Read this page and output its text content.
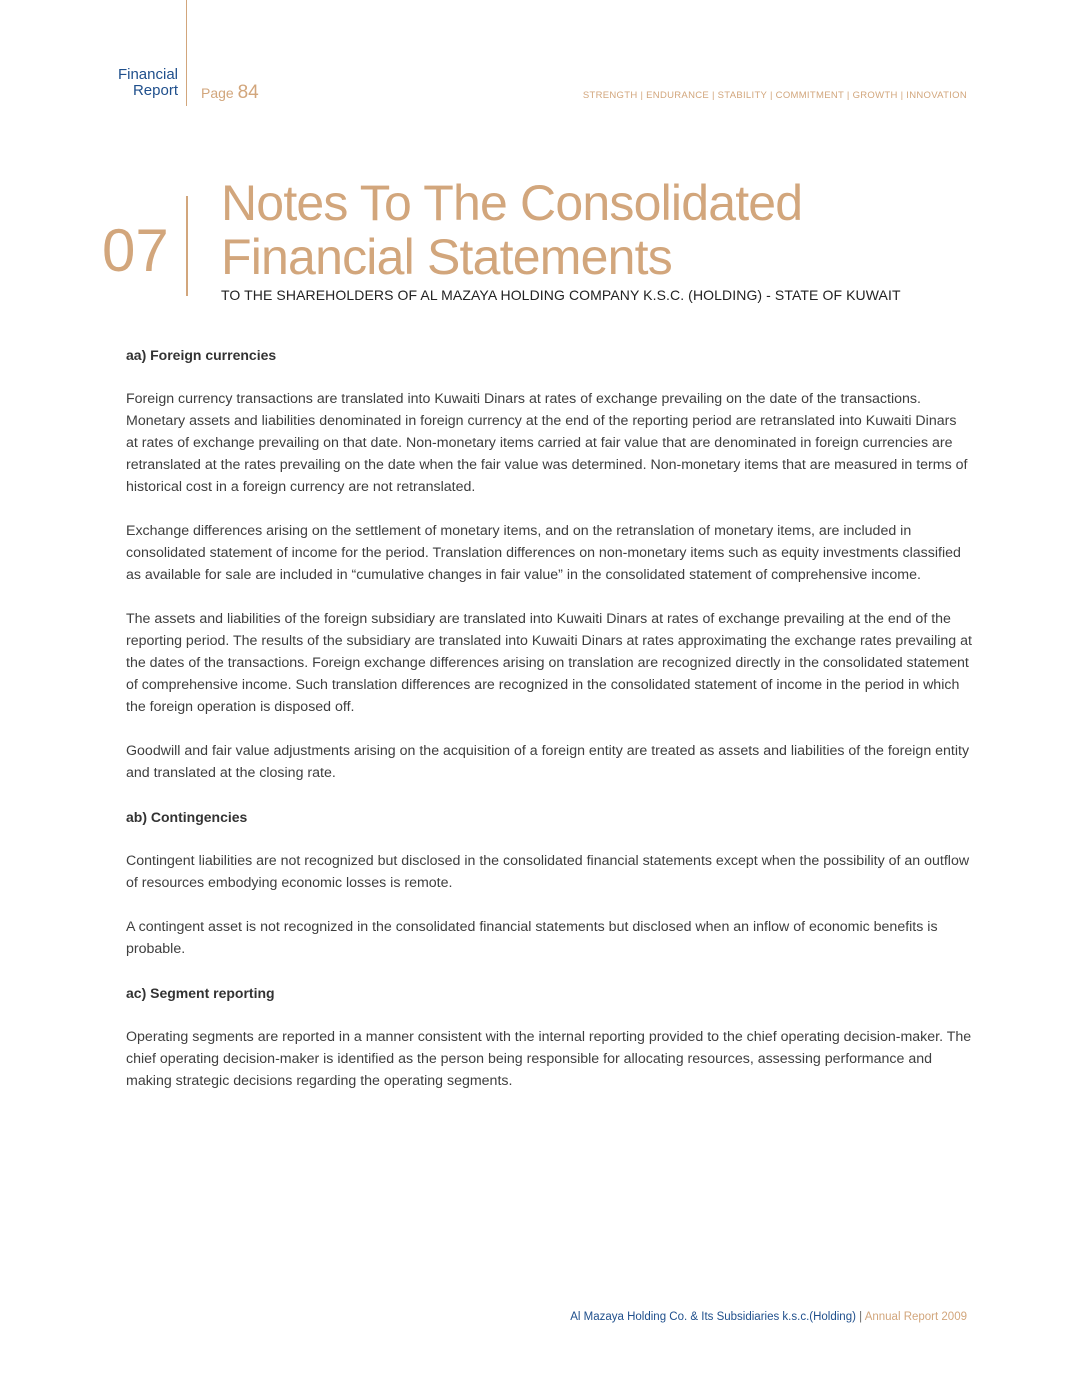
Financial
Report Page 84	STRENGTH | ENDURANCE | STABILITY | COMMITMENT | GROWTH | INNOVATION
07
Notes To The Consolidated
Financial Statements
TO THE SHAREHOLDERS OF AL MAZAYA HOLDING COMPANY K.S.C. (HOLDING) - STATE OF KUWAIT
aa) Foreign currencies

Foreign currency transactions are translated into Kuwaiti Dinars at rates of exchange prevailing on the date of the transactions. Monetary assets and liabilities denominated in foreign currency at the end of the reporting period are retranslated into Kuwaiti Dinars at rates of exchange prevailing on that date. Non-monetary items carried at fair value that are denominated in foreign currencies are retranslated at the rates prevailing on the date when the fair value was determined. Non-monetary items that are measured in terms of historical cost in a foreign currency are not retranslated.

Exchange differences arising on the settlement of monetary items, and on the retranslation of monetary items, are included in consolidated statement of income for the period. Translation differences on non-monetary items such as equity investments classified as available for sale are included in “cumulative changes in fair value” in the consolidated statement of comprehensive income.

The assets and liabilities of the foreign subsidiary are translated into Kuwaiti Dinars at rates of exchange prevailing at the end of the reporting period. The results of the subsidiary are translated into Kuwaiti Dinars at rates approximating the exchange rates prevailing at the dates of the transactions. Foreign exchange differences arising on translation are recognized directly in the consolidated statement of comprehensive income. Such translation differences are recognized in the consolidated statement of income in the period in which the foreign operation is disposed off.

Goodwill and fair value adjustments arising on the acquisition of a foreign entity are treated as assets and liabilities of the foreign entity and translated at the closing rate.

ab) Contingencies

Contingent liabilities are not recognized but disclosed in the consolidated financial statements except when the possibility of an outflow of resources embodying economic losses is remote.

A contingent asset is not recognized in the consolidated financial statements but disclosed when an inflow of economic benefits is probable.

ac) Segment reporting

Operating segments are reported in a manner consistent with the internal reporting provided to the chief operating decision-maker. The chief operating decision-maker is identified as the person being responsible for allocating resources, assessing performance and making strategic decisions regarding the operating segments.

Al Mazaya Holding Co. & Its Subsidiaries k.s.c.(Holding) | Annual Report 2009
